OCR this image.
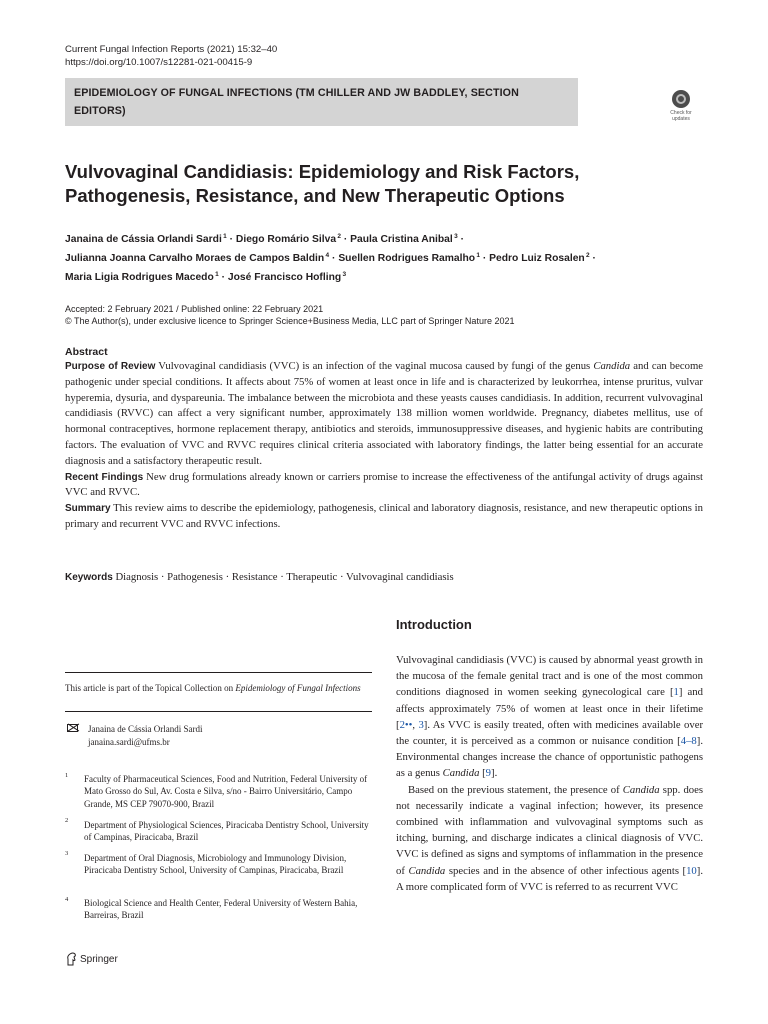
Current Fungal Infection Reports (2021) 15:32–40
https://doi.org/10.1007/s12281-021-00415-9
EPIDEMIOLOGY OF FUNGAL INFECTIONS (TM CHILLER AND JW BADDLEY, SECTION EDITORS)	Check for updates
Vulvovaginal Candidiasis: Epidemiology and Risk Factors, Pathogenesis, Resistance, and New Therapeutic Options
Janaina de Cássia Orlandi Sardi $^1$ · Diego Romário Silva $^2$ · Paula Cristina Anibal $^3$ ·
Julianna Joanna Carvalho Moraes de Campos Baldin $^4$ · Suellen Rodrigues Ramalho $^1$ · Pedro Luiz Rosalen $^2$ ·
Maria Ligia Rodrigues Macedo $^1$ · José Francisco Hofling $^3$
Accepted: 2 February 2021 / Published online: 22 February 2021
© The Author(s), under exclusive licence to Springer Science+Business Media, LLC part of Springer Nature 2021
Abstract
Purpose of Review Vulvovaginal candidiasis (VVC) is an infection of the vaginal mucosa caused by fungi of the genus Candida and can become pathogenic under special conditions. It affects about 75% of women at least once in life and is characterized by leukorrhea, intense pruritus, vulvar hyperemia, dysuria, and dyspareunia. The imbalance between the microbiota and these yeasts causes candidiasis. In addition, recurrent vulvovaginal candidiasis (RVVC) can affect a very significant number, approximately 138 million women worldwide. Pregnancy, diabetes mellitus, use of hormonal contraceptives, hormone replacement therapy, antibiotics and steroids, immunosuppressive diseases, and hygienic habits are contributing factors. The evaluation of VVC and RVVC requires clinical criteria associated with laboratory findings, the latter being essential for an accurate diagnosis and a satisfactory therapeutic result.
Recent Findings New drug formulations already known or carriers promise to increase the effectiveness of the antifungal activity of drugs against VVC and RVVC.
Summary This review aims to describe the epidemiology, pathogenesis, clinical and laboratory diagnosis, resistance, and new therapeutic options in primary and recurrent VVC and RVVC infections.
Keywords Diagnosis · Pathogenesis · Resistance · Therapeutic · Vulvovaginal candidiasis
Introduction

Vulvovaginal candidiasis (VVC) is caused by abnormal yeast growth in the mucosa of the female genital tract and is one of the most common conditions diagnosed in women seeking gynecological care [1] and affects approximately 75% of women at least once in their lifetime [2••, 3]. As VVC is easily treated, often with medicines available over the counter, it is perceived as a common or nuisance condition [4–8]. Environmental changes increase the chance of opportunistic pathogens as a genus Candida [9].

Based on the previous statement, the presence of Candida spp. does not necessarily indicate a vaginal infection; however, its presence combined with inflammation and vulvovaginal symptoms such as itching, burning, and discharge indicates a clinical diagnosis of VVC. VVC is defined as signs and symptoms of inflammation in the presence of Candida species and in the absence of other infectious agents [10]. A more complicated form of VVC is referred to as recurrent VVC

This article is part of the Topical Collection on Epidemiology of Fungal Infections
Janaina de Cássia Orlandi Sardi
janaina.sardi@ufms.br
1 Faculty of Pharmaceutical Sciences, Food and Nutrition, Federal University of Mato Grosso do Sul, Av. Costa e Silva, s/no - Bairro Universitário, Campo Grande, MS CEP 79070-900, Brazil
2 Department of Physiological Sciences, Piracicaba Dentistry School, University of Campinas, Piracicaba, Brazil
3 Department of Oral Diagnosis, Microbiology and Immunology Division, Piracicaba Dentistry School, University of Campinas, Piracicaba, Brazil
4 Biological Science and Health Center, Federal University of Western Bahia, Barreiras, Brazil
Springer
